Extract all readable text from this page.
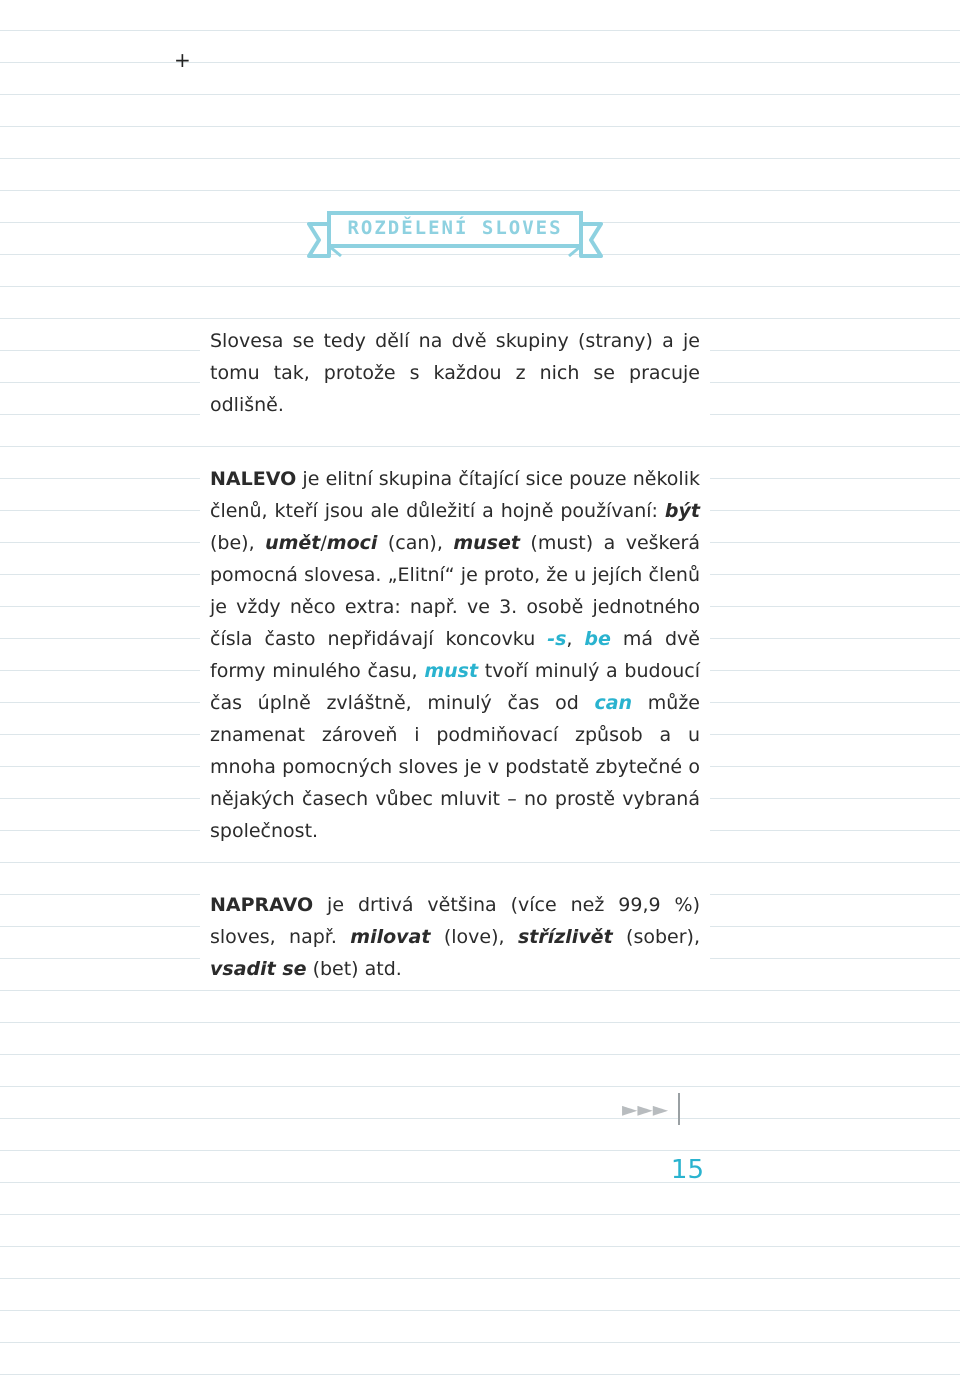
+
ROZDĚLENÍ SLOVES

Slovesa se tedy dělí na dvě skupiny (strany) a je tomu tak, protože s každou z nich se pracuje odlišně.

NALEVO je elitní skupina čítající sice pouze několik členů, kteří jsou ale důležití a hojně používaní: být (be), umět/moci (can), muset (must) a veškerá pomocná slovesa. „Elitní“ je proto, že u jejích členů je vždy něco extra: např. ve 3. osobě jednotného čísla často nepřidávají koncovku -s, be má dvě formy minulého času, must tvoří minulý a budoucí čas úplně zvláštně, minulý čas od can může znamenat zároveň i podmiňovací způsob a u mnoha pomocných sloves je v podstatě zbytečné o nějakých časech vůbec mluvit – no prostě vybraná společnost.

NAPRAVO je drtivá většina (více než 99,9 %) sloves, např. milovat (love), střízlivět (sober), vsadit se (bet) atd.

►►►
15
